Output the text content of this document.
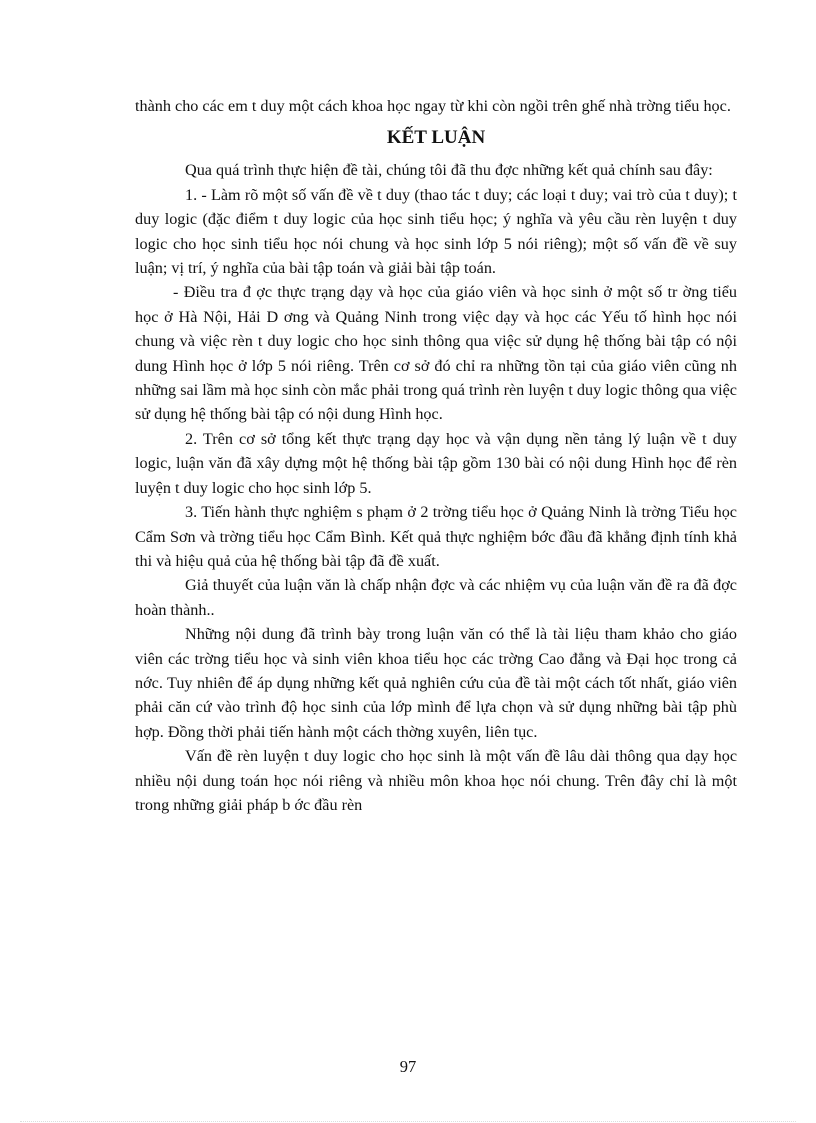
thành cho các em t duy một cách khoa học ngay từ khi còn ngồi trên ghế nhà trờng tiểu học.

KẾT LUẬN

Qua quá trình thực hiện đề tài, chúng tôi đã thu đợc những kết quả chính sau đây:

1. - Làm rõ một số vấn đề về t duy (thao tác t duy; các loại t duy; vai trò của t duy); t duy logic (đặc điểm t duy logic của học sinh tiểu học; ý nghĩa và yêu cầu rèn luyện t duy logic cho học sinh tiểu học nói chung và học sinh lớp 5 nói riêng); một số vấn đề về suy luận; vị trí, ý nghĩa của bài tập toán và giải bài tập toán.

- Điều tra đ ợc thực trạng dạy và học của giáo viên và học sinh ở một số tr ờng tiểu học ở Hà Nội, Hải D ơng và Quảng Ninh trong việc dạy và học các Yếu tố hình học nói chung và việc rèn t duy logic cho học sinh thông qua việc sử dụng hệ thống bài tập có nội dung Hình học ở lớp 5 nói riêng. Trên cơ sở đó chỉ ra những tồn tại của giáo viên cũng nh những sai lầm mà học sinh còn mắc phải trong quá trình rèn luyện t duy logic thông qua việc sử dụng hệ thống bài tập có nội dung Hình học.

2. Trên cơ sở tổng kết thực trạng dạy học và vận dụng nền tảng lý luận về t duy logic, luận văn đã xây dựng một hệ thống bài tập gồm 130 bài có nội dung Hình học để rèn luyện t duy logic cho học sinh lớp 5.

3. Tiến hành thực nghiệm s phạm ở 2 trờng tiểu học ở Quảng Ninh là trờng Tiểu học Cẩm Sơn và trờng tiểu học Cẩm Bình. Kết quả thực nghiệm bớc đầu đã khẳng định tính khả thi và hiệu quả của hệ thống bài tập đã đề xuất.

Giả thuyết của luận văn là chấp nhận đợc và các nhiệm vụ của luận văn đề ra đã đợc hoàn thành..

Những nội dung đã trình bày trong luận văn có thể là tài liệu tham khảo cho giáo viên các trờng tiểu học và sinh viên khoa tiểu học các trờng Cao đẳng và Đại học trong cả nớc. Tuy nhiên để áp dụng những kết quả nghiên cứu của đề tài một cách tốt nhất, giáo viên phải căn cứ vào trình độ học sinh của lớp mình để lựa chọn và sử dụng những bài tập phù hợp. Đồng thời phải tiến hành một cách thờng xuyên, liên tục.

Vấn đề rèn luyện t duy logic cho học sinh là một vấn đề lâu dài thông qua dạy học nhiều nội dung toán học nói riêng và nhiều môn khoa học nói chung. Trên đây chỉ là một trong những giải pháp b ớc đầu rèn

97
